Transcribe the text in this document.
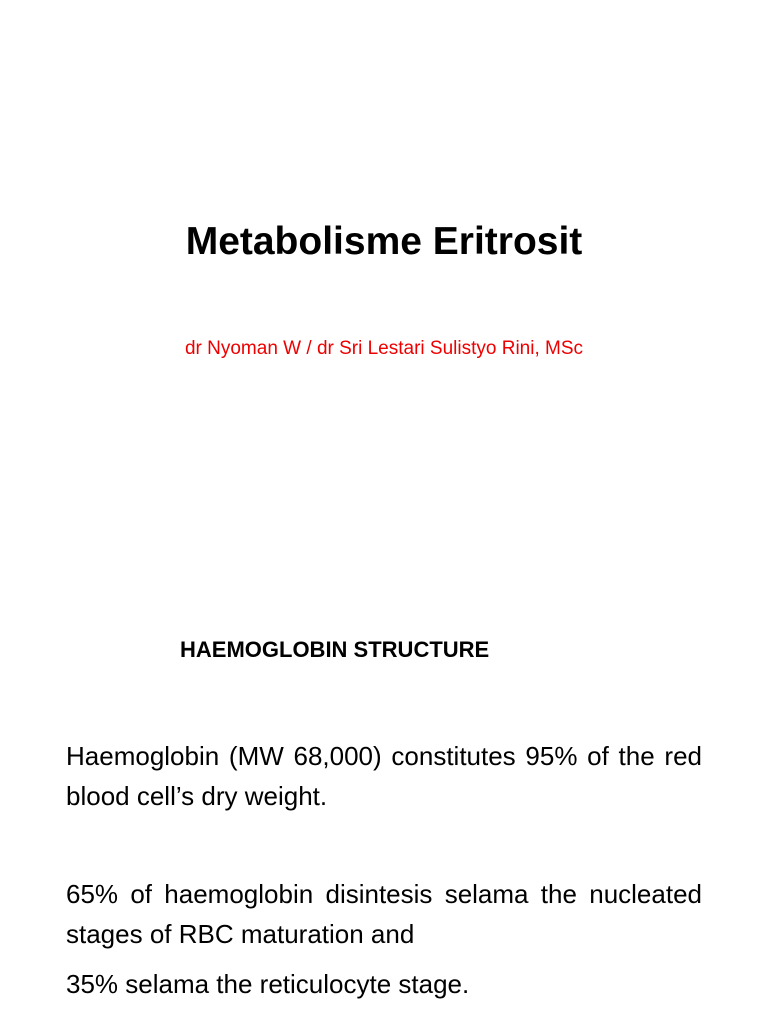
Metabolisme Eritrosit
dr Nyoman W / dr Sri Lestari Sulistyo Rini, MSc
HAEMOGLOBIN STRUCTURE
Haemoglobin (MW 68,000) constitutes 95% of the red blood cell’s dry weight.
65% of haemoglobin disintesis selama the nucleated stages of RBC maturation and
35% selama the reticulocyte stage.
